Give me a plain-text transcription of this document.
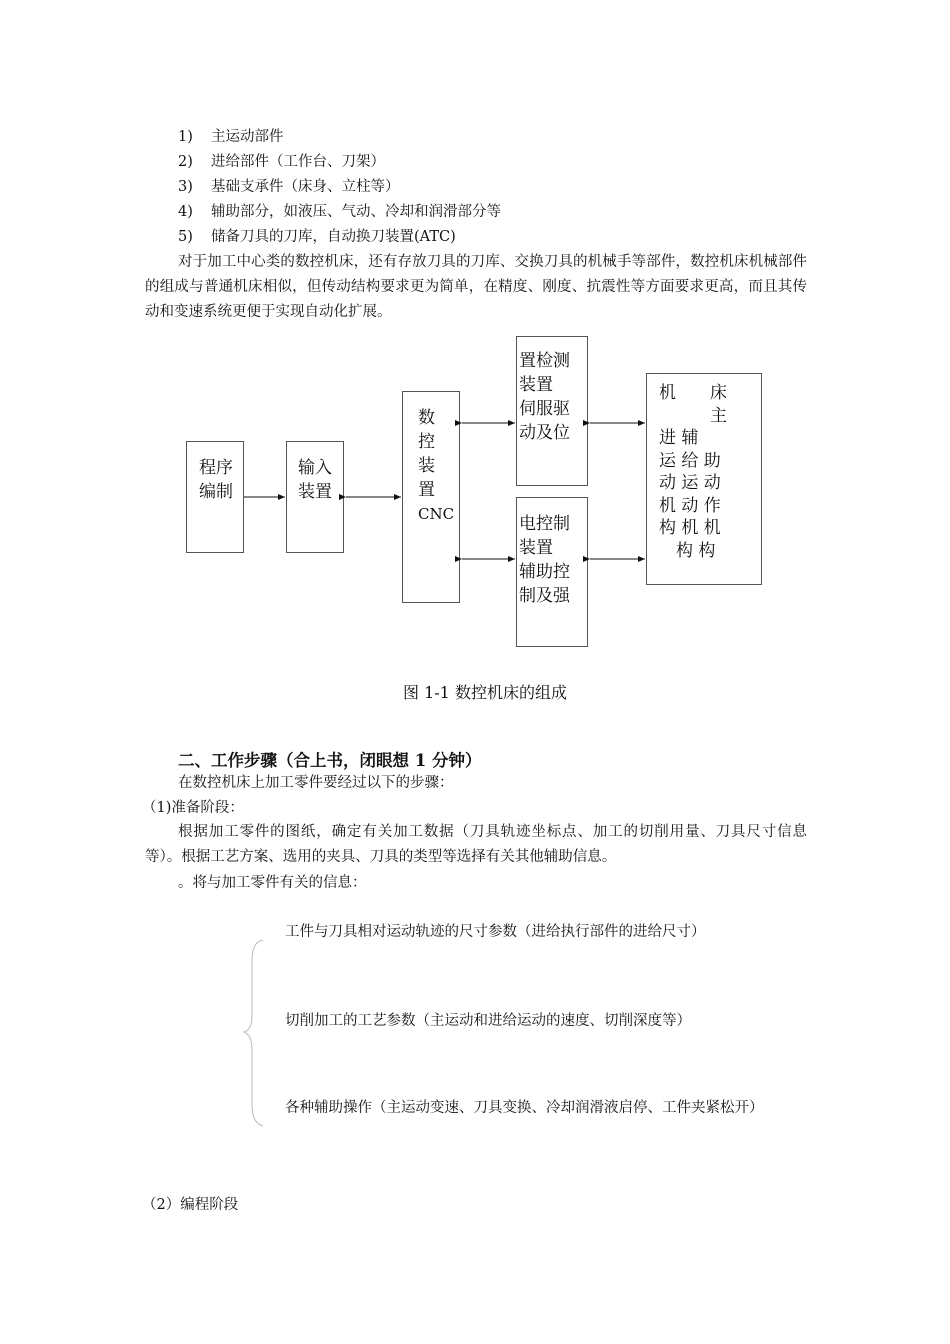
1) 主运动部件
2) 进给部件（工作台、刀架）
3) 基础支承件（床身、立柱等）
4) 辅助部分，如液压、气动、冷却和润滑部分等
5) 储备刀具的刀库，自动换刀装置(ATC)
对于加工中心类的数控机床，还有存放刀具的刀库、交换刀具的机械手等部件，数控机床机械部件的组成与普通机床相似，但传动结构要求更为简单，在精度、刚度、抗震性等方面要求更高，而且其传动和变速系统更便于实现自动化扩展。
程序
编制
输入
装置
数
控
装
置
CNC
置检测
装置
伺服驱
动及位
电控制
装置
辅助控
制及强
机　　床
　　　主
进 辅
运 给 助
动 运 动
机 动 作
构 机 机
　构 构
图 1-1 数控机床的组成
二、工作步骤（合上书，闭眼想 1 分钟）
在数控机床上加工零件要经过以下的步骤：
（1)准备阶段：
根据加工零件的图纸，确定有关加工数据（刀具轨迹坐标点、加工的切削用量、刀具尺寸信息等）。根据工艺方案、选用的夹具、刀具的类型等选择有关其他辅助信息。
。将与加工零件有关的信息：
工件与刀具相对运动轨迹的尺寸参数（进给执行部件的进给尺寸）
切削加工的工艺参数（主运动和进给运动的速度、切削深度等）
各种辅助操作（主运动变速、刀具变换、冷却润滑液启停、工件夹紧松开）
（2）编程阶段
